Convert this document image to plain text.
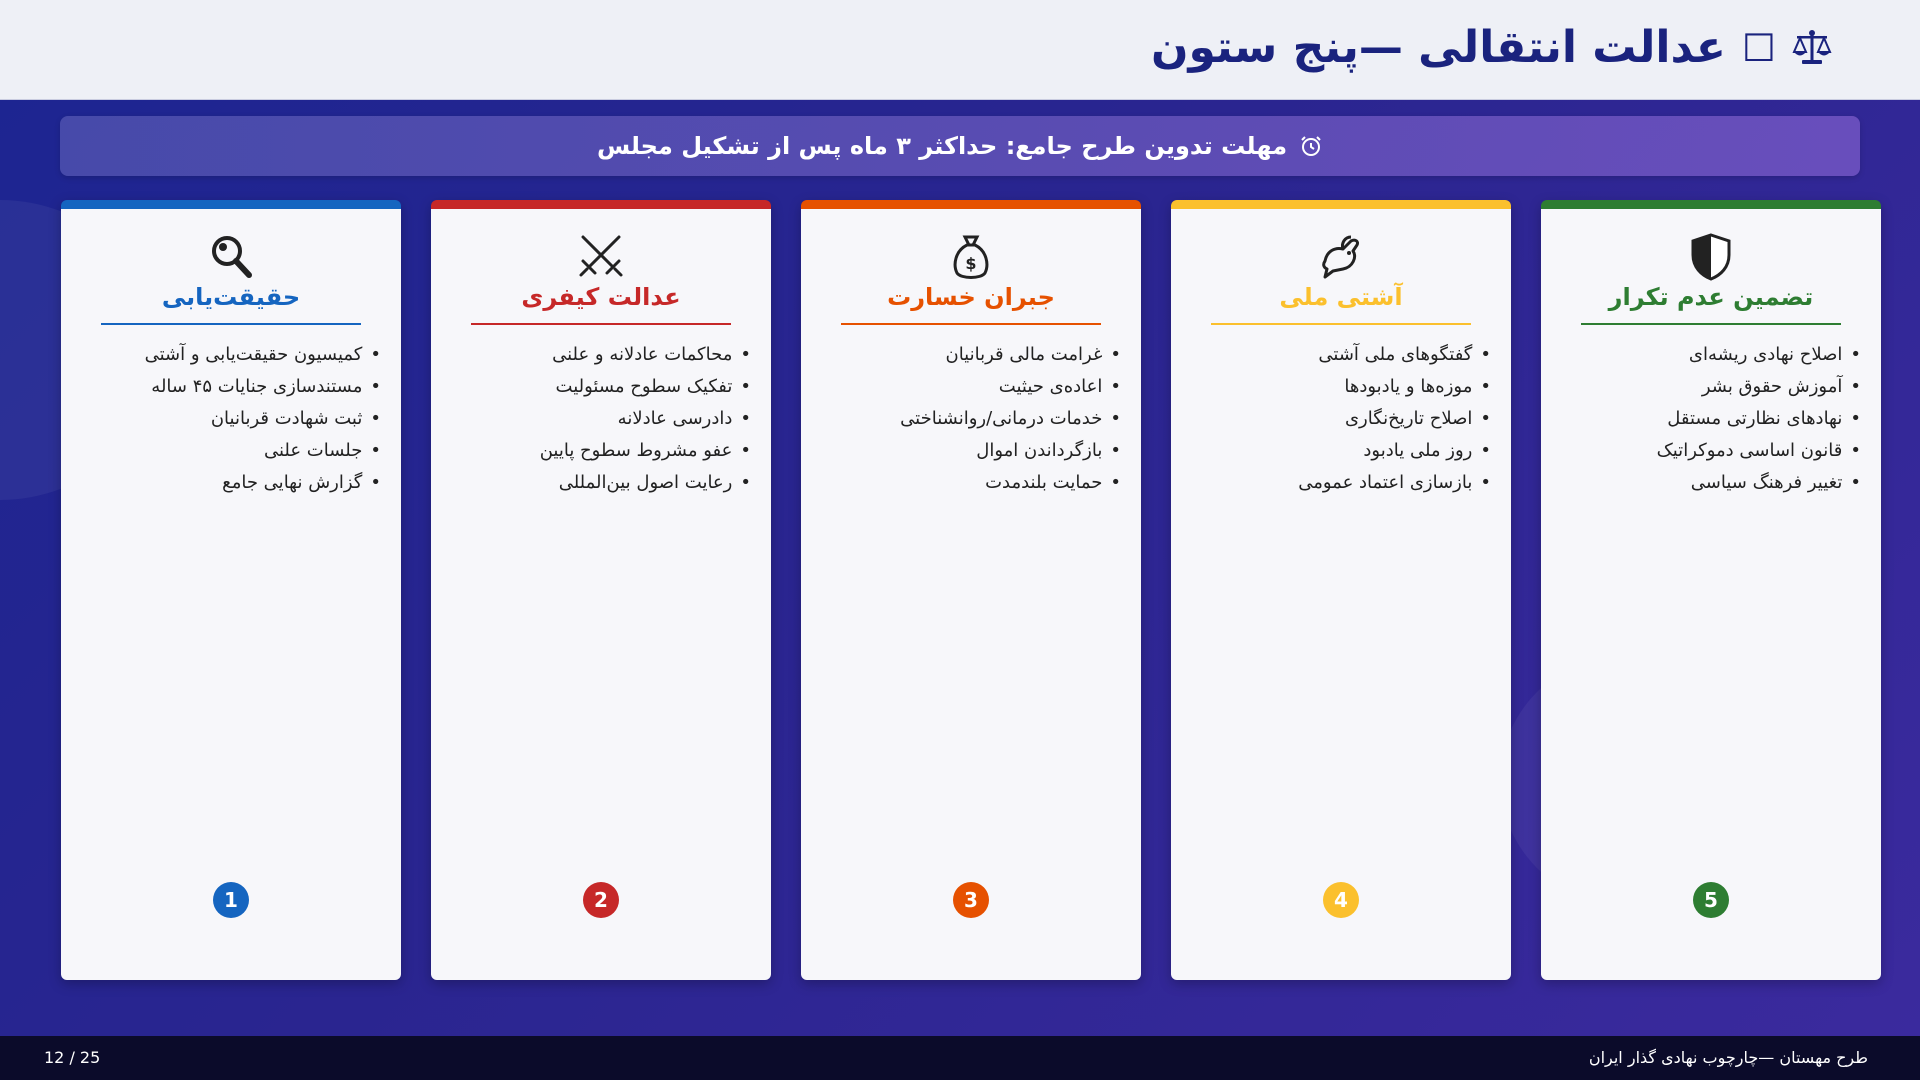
☐
عدالت انتقالی —پنج ستون
مهلت تدوین طرح جامع: حداکثر ۳ ماه پس از تشکیل مجلس
تضمین عدم تکرار
•
اصلاح نهادی ریشه‌ای
•
آموزش حقوق بشر
•
نهادهای نظارتی مستقل
•
قانون اساسی دموکراتیک
•
تغییر فرهنگ سیاسی
5
آشتی ملی
•
گفتگوهای ملی آشتی
•
موزه‌ها و یادبودها
•
اصلاح تاریخ‌نگاری
•
روز ملی یادبود
•
بازسازی اعتماد عمومی
4
$
جبران خسارت
•
غرامت مالی قربانیان
•
اعاده‌ی حیثیت
•
خدمات درمانی/روانشناختی
•
بازگرداندن اموال
•
حمایت بلندمدت
3
عدالت کیفری
•
محاکمات عادلانه و علنی
•
تفکیک سطوح مسئولیت
•
دادرسی عادلانه
•
عفو مشروط سطوح پایین
•
رعایت اصول بین‌المللی
2
حقیقت‌یابی
•
کمیسیون حقیقت‌یابی و آشتی
•
مستندسازی جنایات ۴۵ ساله
•
ثبت شهادت قربانیان
•
جلسات علنی
•
گزارش نهایی جامع
1
12 / 25	طرح مهستان —چارچوب نهادی گذار ایران
